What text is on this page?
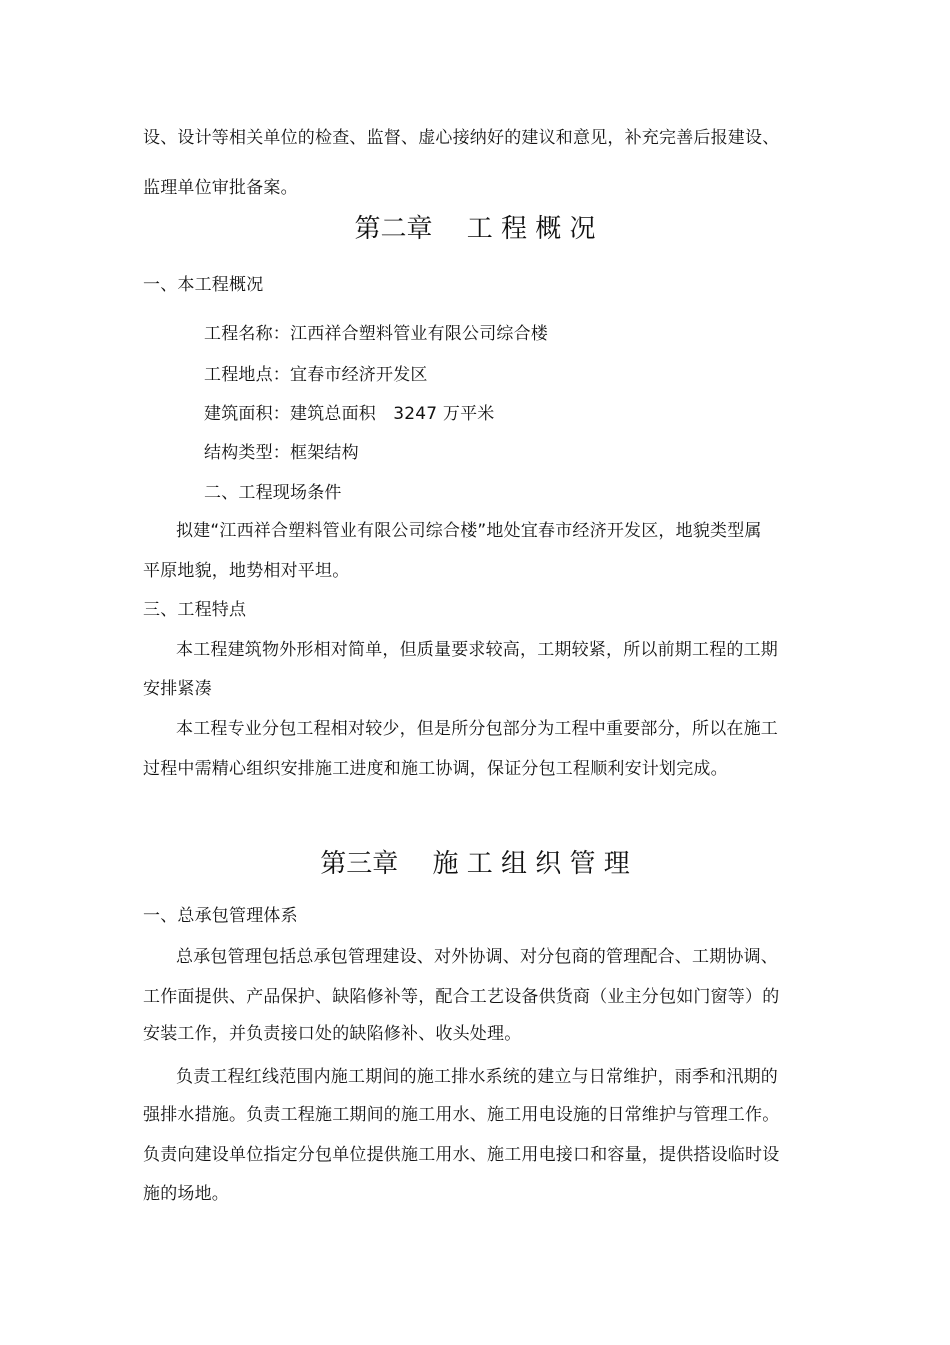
设、设计等相关单位的检查、监督、虚心接纳好的建议和意见，补充完善后报建设、
监理单位审批备案。
第二章　 工 程 概 况
一、本工程概况
工程名称：江西祥合塑料管业有限公司综合楼
工程地点：宜春市经济开发区
建筑面积：建筑总面积　3247 万平米
结构类型：框架结构
二、工程现场条件
拟建“江西祥合塑料管业有限公司综合楼”地处宜春市经济开发区，地貌类型属
平原地貌，地势相对平坦。
三、工程特点
本工程建筑物外形相对简单，但质量要求较高，工期较紧，所以前期工程的工期
安排紧凑
本工程专业分包工程相对较少，但是所分包部分为工程中重要部分，所以在施工
过程中需精心组织安排施工进度和施工协调，保证分包工程顺利安计划完成。
第三章　 施 工 组 织 管 理
一、总承包管理体系
总承包管理包括总承包管理建设、对外协调、对分包商的管理配合、工期协调、
工作面提供、产品保护、缺陷修补等，配合工艺设备供货商（业主分包如门窗等）的
安装工作，并负责接口处的缺陷修补、收头处理。
负责工程红线范围内施工期间的施工排水系统的建立与日常维护，雨季和汛期的
强排水措施。负责工程施工期间的施工用水、施工用电设施的日常维护与管理工作。
负责向建设单位指定分包单位提供施工用水、施工用电接口和容量，提供搭设临时设
施的场地。
